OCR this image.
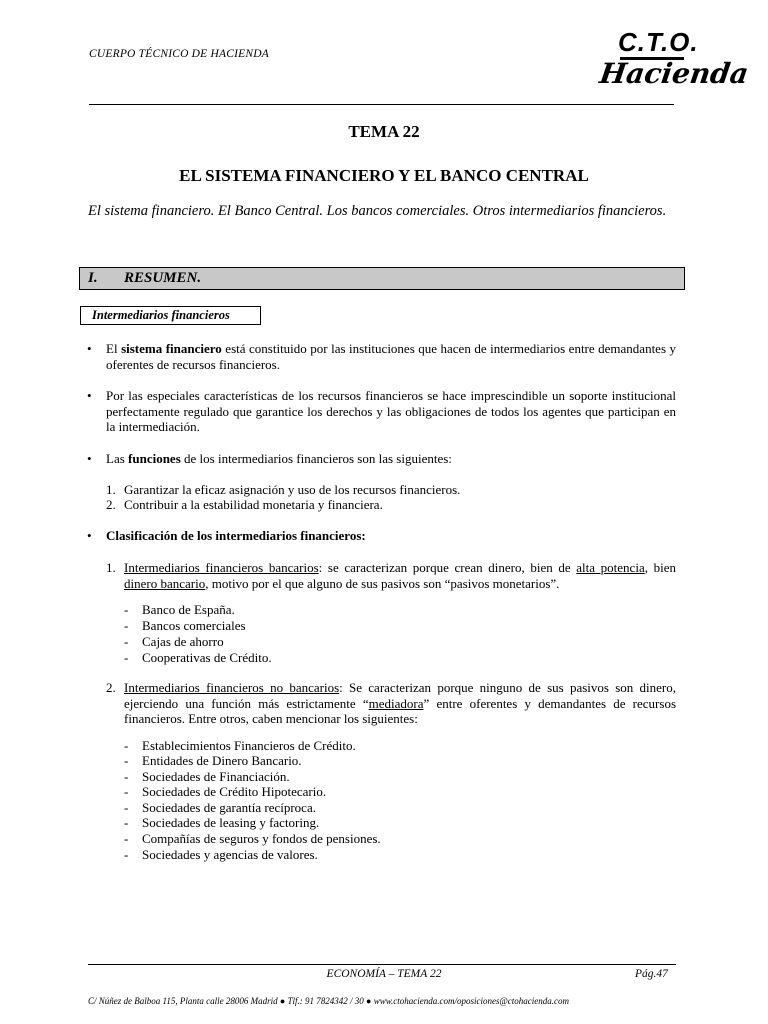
CUERPO TÉCNICO DE HACIENDA	C.T.O.
Hacienda
TEMA 22
EL SISTEMA FINANCIERO Y EL BANCO CENTRAL
El sistema financiero. El Banco Central. Los bancos comerciales. Otros intermediarios financieros.
I. RESUMEN.
Intermediarios financieros
• El sistema financiero está constituido por las instituciones que hacen de intermediarios entre demandantes y oferentes de recursos financieros.
• Por las especiales características de los recursos financieros se hace imprescindible un soporte institucional perfectamente regulado que garantice los derechos y las obligaciones de todos los agentes que participan en la intermediación.
• Las funciones de los intermediarios financieros son las siguientes:
1. Garantizar la eficaz asignación y uso de los recursos financieros.
2. Contribuir a la estabilidad monetaria y financiera.
• Clasificación de los intermediarios financieros:
1. Intermediarios financieros bancarios: se caracterizan porque crean dinero, bien de alta potencia, bien dinero bancario, motivo por el que alguno de sus pasivos son “pasivos monetarios”.
- Banco de España.
- Bancos comerciales
- Cajas de ahorro
- Cooperativas de Crédito.
2. Intermediarios financieros no bancarios: Se caracterizan porque ninguno de sus pasivos son dinero, ejerciendo una función más estrictamente “mediadora” entre oferentes y demandantes de recursos financieros. Entre otros, caben mencionar los siguientes:
- Establecimientos Financieros de Crédito.
- Entidades de Dinero Bancario.
- Sociedades de Financiación.
- Sociedades de Crédito Hipotecario.
- Sociedades de garantía recíproca.
- Sociedades de leasing y factoring.
- Compañías de seguros y fondos de pensiones.
- Sociedades y agencias de valores.
ECONOMÍA – TEMA 22	Pág.47
C/ Núñez de Balboa 115, Planta calle 28006 Madrid ● Tlf.: 91 7824342 / 30 ● www.ctohacienda.com/oposiciones@ctohacienda.com
